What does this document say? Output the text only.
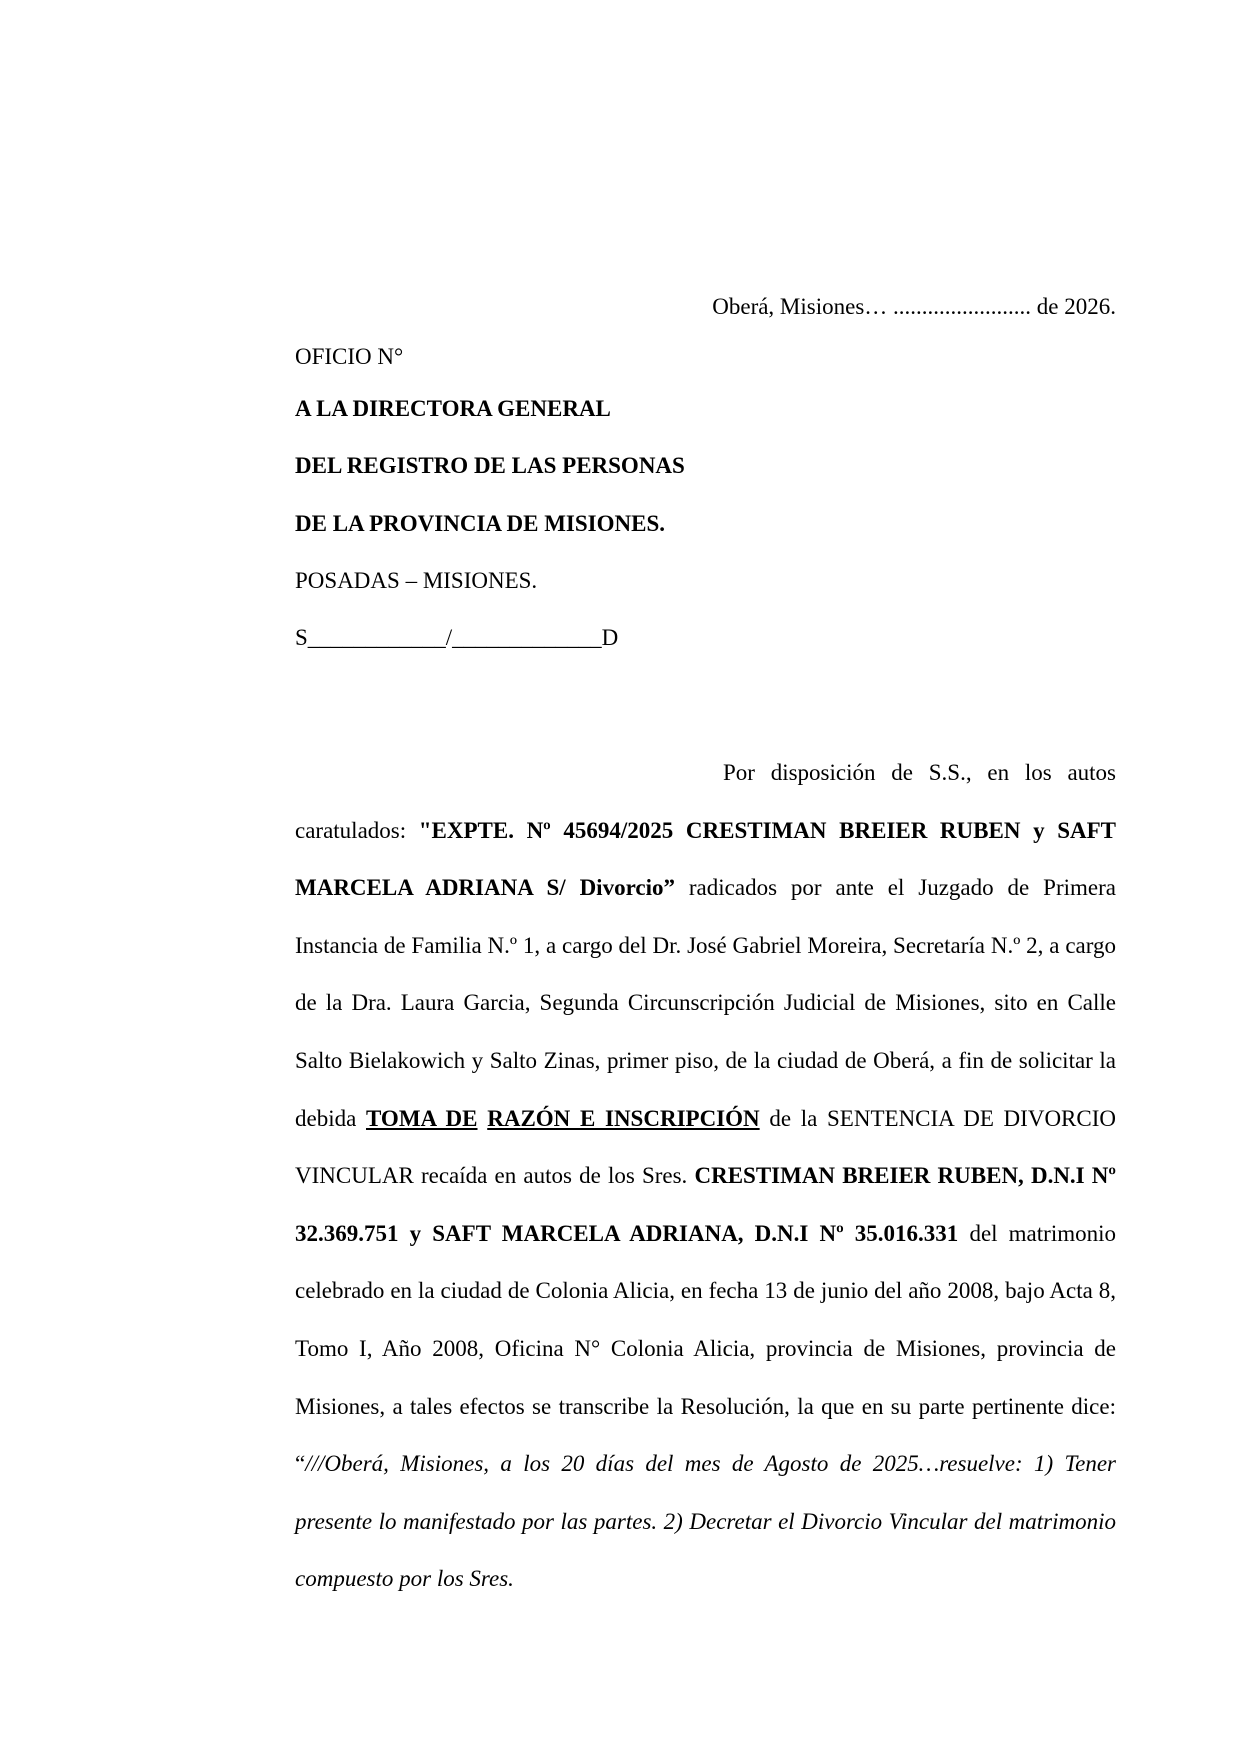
Oberá, Misiones… ........................ de 2026.
OFICIO N°
A LA DIRECTORA GENERAL
DEL REGISTRO DE LAS PERSONAS
DE LA PROVINCIA DE MISIONES.
POSADAS – MISIONES.
S____________/_____________D

Por disposición de S.S., en los autos caratulados: "EXPTE. Nº 45694/2025 CRESTIMAN BREIER RUBEN y SAFT MARCELA ADRIANA S/ Divorcio” radicados por ante el Juzgado de Primera Instancia de Familia N.º 1, a cargo del Dr. José Gabriel Moreira, Secretaría N.º 2, a cargo de la Dra. Laura Garcia, Segunda Circunscripción Judicial de Misiones, sito en Calle Salto Bielakowich y Salto Zinas, primer piso, de la ciudad de Oberá, a fin de solicitar la debida TOMA DE RAZÓN E INSCRIPCIÓN de la SENTENCIA DE DIVORCIO VINCULAR recaída en autos de los Sres. CRESTIMAN BREIER RUBEN, D.N.I Nº 32.369.751 y SAFT MARCELA ADRIANA, D.N.I Nº 35.016.331 del matrimonio celebrado en la ciudad de Colonia Alicia, en fecha 13 de junio del año 2008, bajo Acta 8, Tomo I, Año 2008, Oficina N° Colonia Alicia, provincia de Misiones, provincia de Misiones, a tales efectos se transcribe la Resolución, la que en su parte pertinente dice: “///Oberá, Misiones, a los 20 días del mes de Agosto de 2025…resuelve: 1) Tener presente lo manifestado por las partes. 2) Decretar el Divorcio Vincular del matrimonio compuesto por los Sres.
